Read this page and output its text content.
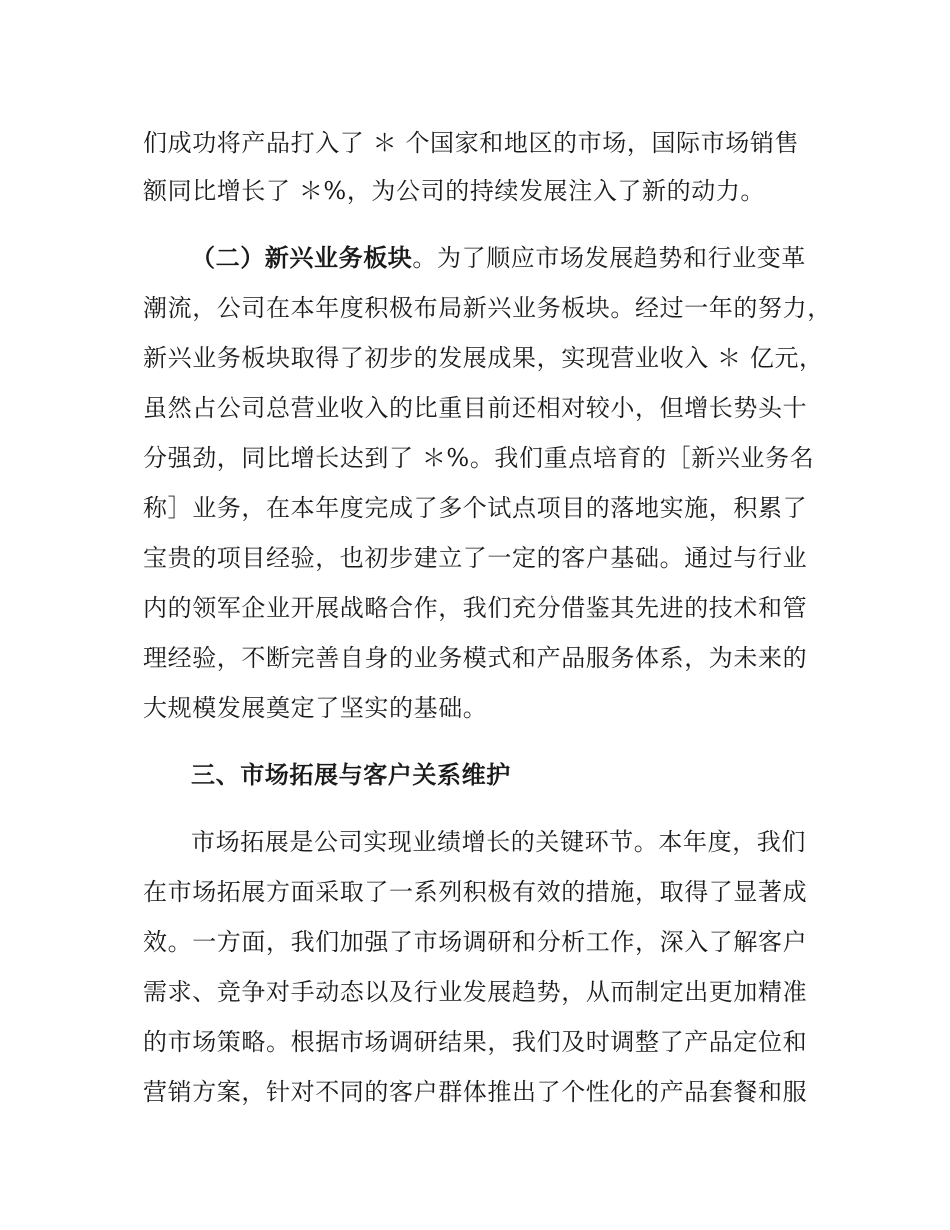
们成功将产品打入了 ＊ 个国家和地区的市场，国际市场销售
额同比增长了 ＊%，为公司的持续发展注入了新的动力。
（二）新兴业务板块。为了顺应市场发展趋势和行业变革
潮流，公司在本年度积极布局新兴业务板块。经过一年的努力，
新兴业务板块取得了初步的发展成果，实现营业收入 ＊ 亿元，
虽然占公司总营业收入的比重目前还相对较小，但增长势头十
分强劲，同比增长达到了 ＊%。我们重点培育的［新兴业务名
称］业务，在本年度完成了多个试点项目的落地实施，积累了
宝贵的项目经验，也初步建立了一定的客户基础。通过与行业
内的领军企业开展战略合作，我们充分借鉴其先进的技术和管
理经验，不断完善自身的业务模式和产品服务体系，为未来的
大规模发展奠定了坚实的基础。
三、市场拓展与客户关系维护
市场拓展是公司实现业绩增长的关键环节。本年度，我们
在市场拓展方面采取了一系列积极有效的措施，取得了显著成
效。一方面，我们加强了市场调研和分析工作，深入了解客户
需求、竞争对手动态以及行业发展趋势，从而制定出更加精准
的市场策略。根据市场调研结果，我们及时调整了产品定位和
营销方案，针对不同的客户群体推出了个性化的产品套餐和服
